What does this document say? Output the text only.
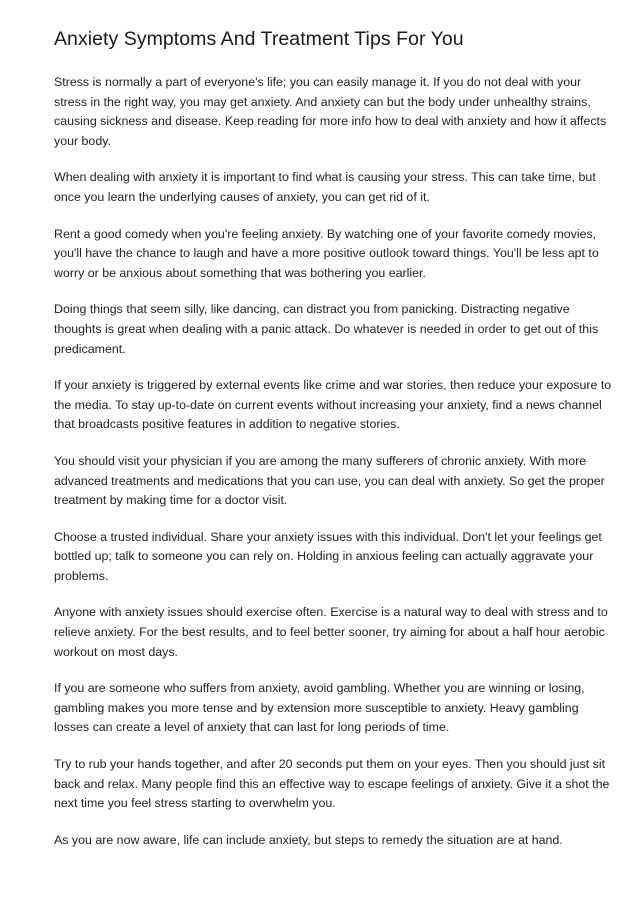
Anxiety Symptoms And Treatment Tips For You

Stress is normally a part of everyone's life; you can easily manage it. If you do not deal with your stress in the right way, you may get anxiety. And anxiety can but the body under unhealthy strains, causing sickness and disease. Keep reading for more info how to deal with anxiety and how it affects your body.

When dealing with anxiety it is important to find what is causing your stress. This can take time, but once you learn the underlying causes of anxiety, you can get rid of it.

Rent a good comedy when you're feeling anxiety. By watching one of your favorite comedy movies, you'll have the chance to laugh and have a more positive outlook toward things. You'll be less apt to worry or be anxious about something that was bothering you earlier.

Doing things that seem silly, like dancing, can distract you from panicking. Distracting negative thoughts is great when dealing with a panic attack. Do whatever is needed in order to get out of this predicament.

If your anxiety is triggered by external events like crime and war stories, then reduce your exposure to the media. To stay up-to-date on current events without increasing your anxiety, find a news channel that broadcasts positive features in addition to negative stories.

You should visit your physician if you are among the many sufferers of chronic anxiety. With more advanced treatments and medications that you can use, you can deal with anxiety. So get the proper treatment by making time for a doctor visit.

Choose a trusted individual. Share your anxiety issues with this individual. Don't let your feelings get bottled up; talk to someone you can rely on. Holding in anxious feeling can actually aggravate your problems.

Anyone with anxiety issues should exercise often. Exercise is a natural way to deal with stress and to relieve anxiety. For the best results, and to feel better sooner, try aiming for about a half hour aerobic workout on most days.

If you are someone who suffers from anxiety, avoid gambling. Whether you are winning or losing, gambling makes you more tense and by extension more susceptible to anxiety. Heavy gambling losses can create a level of anxiety that can last for long periods of time.

Try to rub your hands together, and after 20 seconds put them on your eyes. Then you should just sit back and relax. Many people find this an effective way to escape feelings of anxiety. Give it a shot the next time you feel stress starting to overwhelm you.

As you are now aware, life can include anxiety, but steps to remedy the situation are at hand.
